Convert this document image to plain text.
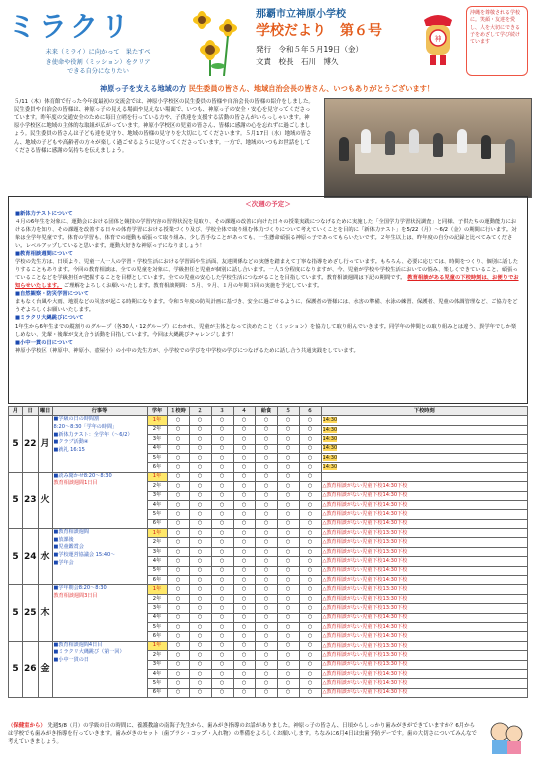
ミラクリ
未来（ミライ）に向かって　果たすべ
き使命や役割（ミッション）をクリア
できる自分になりたい
那覇市立神原小学校
学校だより　第６号
発行　令和５年５月19日（金）
文責　校長　石川　博久
神
沖縄を尊敬される学校に。笑顔・友達を愛し、人を大切にできる子をめざして学び続けています
神原っ子を支える地域の方 民生委員の皆さん、地域自治会長の皆さん、いつもありがとうございます！
５/11（木）体育館で行った今年度最初の交流会では、神原小学校区の民生委員の皆様や自治会長の皆様の紹介をしました。民生委員や自治会の皆様は、神原っ子の見える場面や見えない場面で、いつも、神原っ子の安全・安心を見守ってくださっています。昨年度の交通安全のために毎日立哨を行っている方や、子供達を支援する活動の皆さんがいらっしゃいます。神原小学校区に地域の主体的な取組が広がっています。神原小学校区の児童の皆さん、皆様に感謝の心を忘れずに過ごしましょう。民生委員の皆さんは子ども達を見守り、地域の皆様の見守りを大切にしてくださいます。５月17日（水）地域の皆さん、地域の子どもや高齢者の方々が楽しく過ごせるように見守ってくださっています。一方で、地域のいつもお世話をしてくださる皆様に感謝の気持ちを伝えましょう。
＜次週の予定＞
■新体力テストについて
４月の6年生を対象に、運動会における団体と競技の学習内容の習得状況を見取り、その課題の改善に向けた日々の授業実践につなげるために実施した「全国学力学習状況調査」と同様、子供たちの運動能力における体力を知り、その課題を改善する日々の体育学習における授業づくり及び、学校全体で取り組む体力づくりについて考えていくことを目的に「新体力テスト」を5/22（月）〜6/2（金）の期間に行います。対象は全学年児童です。体育の学習も、体育での運動も頑張って取り組み、少し苦手なことがあっても、一生懸命頑張る神原っ子であってもらいたいです。２年生以上は、昨年度の自分の記録と比べてみてください。レベルアップしていると思います。運動大好きな神原っ子になりましょう！
■教育相談週間について
学校の先生方は、日頃より、児童一人一人の学習・学校生活における学習面や生活面、友達関係などの実態を踏まえて丁寧な指導をめざし行っています。もちろん、必要に応じては、時間をつくり、個別に話したりすることもあります。今回の教育相談は、全ての児童を対象に、学級担任と児童が個別に話し合います。一人５分程度になりますが、今、児童が学校や学校生活においての悩み、楽しくできていること、頑張っていることなどを学級担任が把握することを目標としています。全ての児童の安心した学校生活につながることを目指しています。教育相談週間は下記の期間です。 教育相談がある児童の下校時刻は、お便りでお知らせいたします。 ご理解をよろしくお願いいたします。教育相談期間：５月、９月、１月の年間３回の実施を予定しています。
■自然観察・防災学習について
まもなく台風や大雨、地震などの災害が起こる時期になります。令和５年度の防災計画に基づき、安全に過ごせるように、保護者の皆様には、水害の準備、水泳の練習、保護者、児童の体調管理など、ご協力をどうぞよろしくお願いいたします。
■ミラクリ大縄跳びについて
1年生から6年生までの縦割りのグループ（各30人・12グループ）にわかれ、児童が主体となって決めたこと（ミッション）を協力して取り組んでいきます。同学年の仲間との取り組みとは違う、異学年でしか楽しめない、先輩・後輩が支え合う活動を目指しています。今回は大縄跳びチャレンジします！
■小中一貫の日について
神原小学校区（神原中、神原小、壺屋小）の小中の先生方が、小学校での学びを中学校の学びにつなげるために話し合う共通実践をしています。
月	日	曜日	行事等	学年	１校時	２	３	４	給食	５	６	下校時刻
5	22	月	■学級の日の時間割
8:20〜8:30「学年の時間」
■新体力テスト：全学年（〜6/2）
■クラブ活動④
■就礼 16:15	1年	○	○	○	○	○	○	○	14:30
				2年	○	○	○	○	○	○	○	14:30
				3年	○	○	○	○	○	○	○	14:30
				4年	○	○	○	○	○	○	○	14:30
				5年	○	○	○	○	○	○	○	14:30
				6年	○	○	○	○	○	○	○	14:30
5	23	火	■読み聞かせ8:20〜8:30
教育相談週間1日目	1年	○	○	○	○	○	○	○	
				2年	○	○	○	○	○	○	○	△教育相談がない児童下校14:30下校
				3年	○	○	○	○	○	○	○	△教育相談がない児童下校14:30下校
				4年	○	○	○	○	○	○	○	△教育相談がない児童下校14:30下校
				5年	○	○	○	○	○	○	○	△教育相談がない児童下校14:30下校
				6年	○	○	○	○	○	○	○	△教育相談がない児童下校14:30下校
5	24	水	■教育相談週間
■放課後
■児童鑑賞会
■学校運営協議会 15:40〜
■学年会	1年	○	○	○	○	○	○	○	△教育相談がない児童下校13:30下校
				2年	○	○	○	○	○	○	○	△教育相談がない児童下校13:30下校
				3年	○	○	○	○	○	○	○	△教育相談がない児童下校13:30下校
				4年	○	○	○	○	○	○	○	△教育相談がない児童下校14:30下校
				5年	○	○	○	○	○	○	○	△教育相談がない児童下校14:30下校
				6年	○	○	○	○	○	○	○	△教育相談がない児童下校14:30下校
5	25	木	■学年朝会8:20〜8:30
教育相談週間3日目	1年	○	○	○	○	○	○	○	△教育相談がない児童下校13:30下校
				2年	○	○	○	○	○	○	○	△教育相談がない児童下校13:30下校
				3年	○	○	○	○	○	○	○	△教育相談がない児童下校13:30下校
				4年	○	○	○	○	○	○	○	△教育相談がない児童下校14:30下校
				5年	○	○	○	○	○	○	○	△教育相談がない児童下校14:30下校
				6年	○	○	○	○	○	○	○	△教育相談がない児童下校14:30下校
5	26	金	■教育相談週間4日目
■ミラクリ大縄跳び（第一回）
■小中一貫の日	1年	○	○	○	○	○	○	○	△教育相談がない児童下校13:30下校
				2年	○	○	○	○	○	○	○	△教育相談がない児童下校13:30下校
				3年	○	○	○	○	○	○	○	△教育相談がない児童下校13:30下校
				4年	○	○	○	○	○	○	○	△教育相談がない児童下校14:30下校
				5年	○	○	○	○	○	○	○	△教育相談がない児童下校14:30下校
				6年	○	○	○	○	○	○	○	△教育相談がない児童下校14:30下校
（保健室から） 先週5/8（月）の学級の日の時間に、養護教諭の南海子先生から、歯みがき指導のお話がありました。神原っ子の皆さん、日頃からしっかり歯みがきができていますか？6月からは学校でも歯みがき指導を行っていきます。歯みがきのセット（歯ブラシ・コップ・入れ物）の準備をよろしくお願いします。ちなみに6月4日は虫歯予防デーです。歯の大切さについてみんなで考えていきましょう。
